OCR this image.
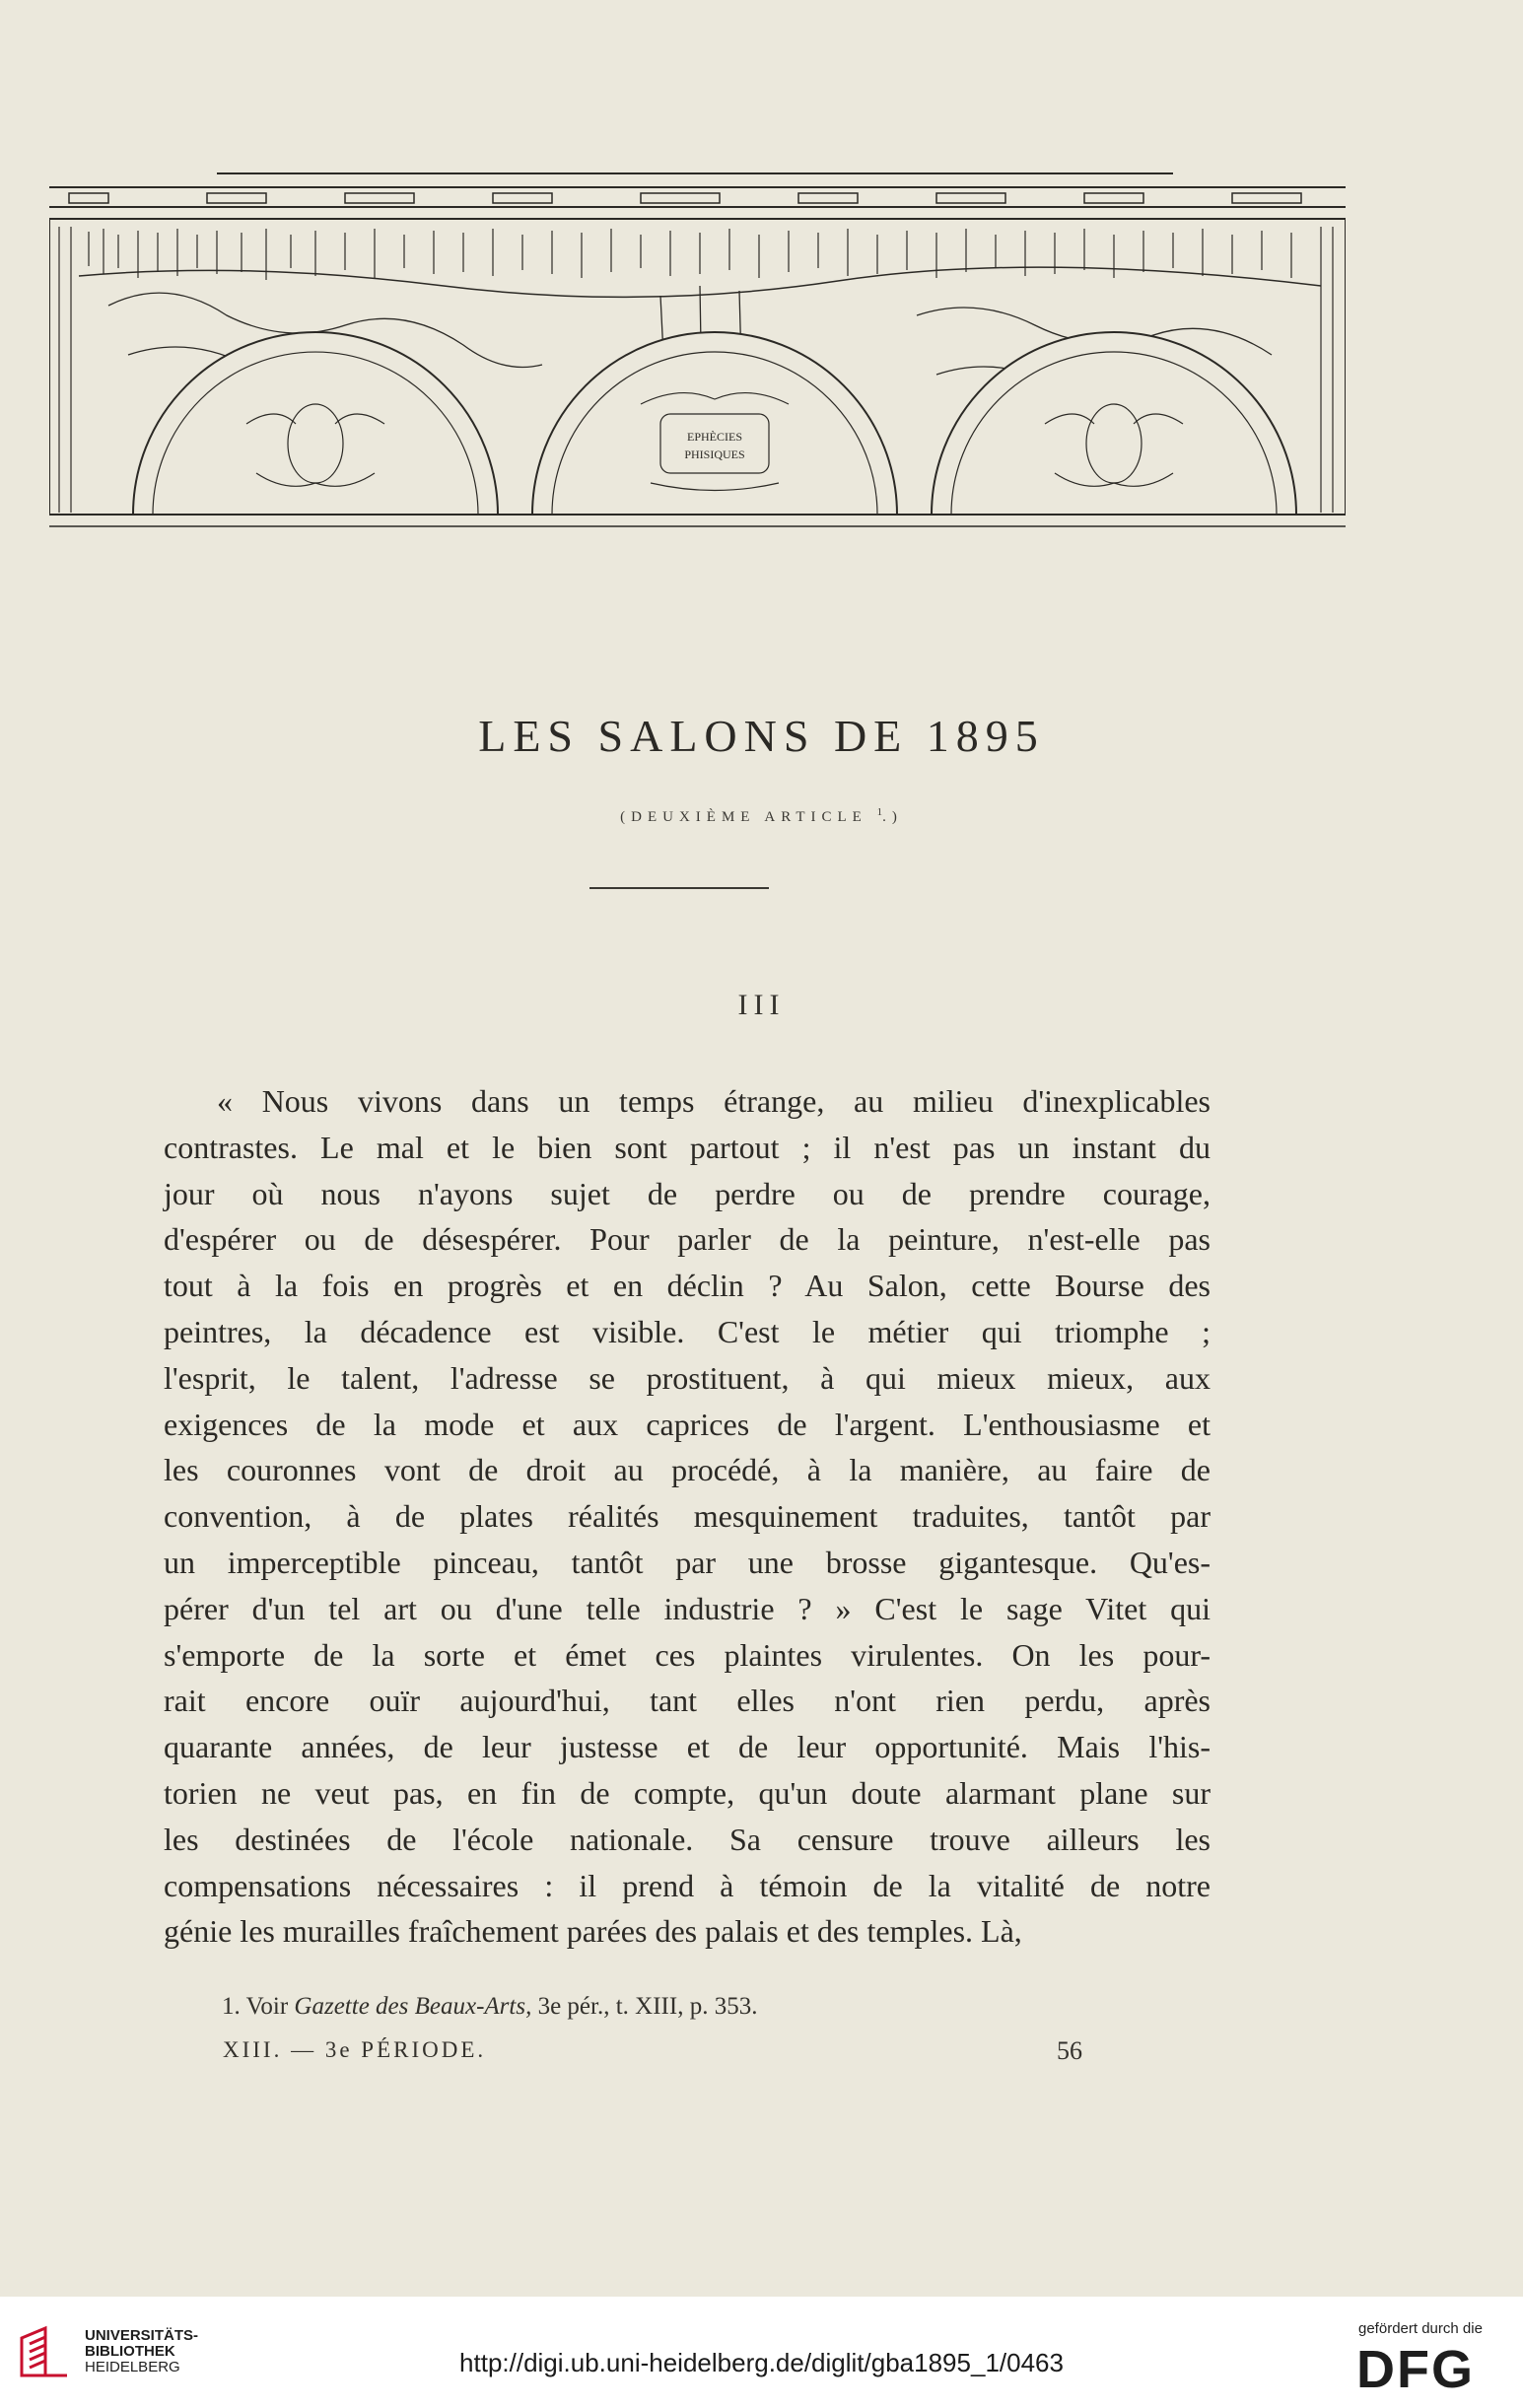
EPHÈCIES
PHISIQUES
LES SALONS DE 1895
(DEUXIÈME ARTICLE $^1$.)
III
« Nous vivons dans un temps étrange, au milieu d'inexplicables
contrastes. Le mal et le bien sont partout ; il n'est pas un instant du
jour où nous n'ayons sujet de perdre ou de prendre courage,
d'espérer ou de désespérer. Pour parler de la peinture, n'est-elle pas
tout à la fois en progrès et en déclin ? Au Salon, cette Bourse des
peintres, la décadence est visible. C'est le métier qui triomphe ;
l'esprit, le talent, l'adresse se prostituent, à qui mieux mieux, aux
exigences de la mode et aux caprices de l'argent. L'enthousiasme et
les couronnes vont de droit au procédé, à la manière, au faire de
convention, à de plates réalités mesquinement traduites, tantôt par
un imperceptible pinceau, tantôt par une brosse gigantesque. Qu'es-
pérer d'un tel art ou d'une telle industrie ? » C'est le sage Vitet qui
s'emporte de la sorte et émet ces plaintes virulentes. On les pour-
rait encore ouïr aujourd'hui, tant elles n'ont rien perdu, après
quarante années, de leur justesse et de leur opportunité. Mais l'his-
torien ne veut pas, en fin de compte, qu'un doute alarmant plane sur
les destinées de l'école nationale. Sa censure trouve ailleurs les
compensations nécessaires : il prend à témoin de la vitalité de notre
génie les murailles fraîchement parées des palais et des temples. Là,
1. Voir Gazette des Beaux-Arts, 3e pér., t. XIII, p. 353.
XIII. — 3e PÉRIODE.	56
UNIVERSITÄTS-
BIBLIOTHEK
HEIDELBERG	http://digi.ub.uni-heidelberg.de/diglit/gba1895_1/0463
gefördert durch die
DFG
